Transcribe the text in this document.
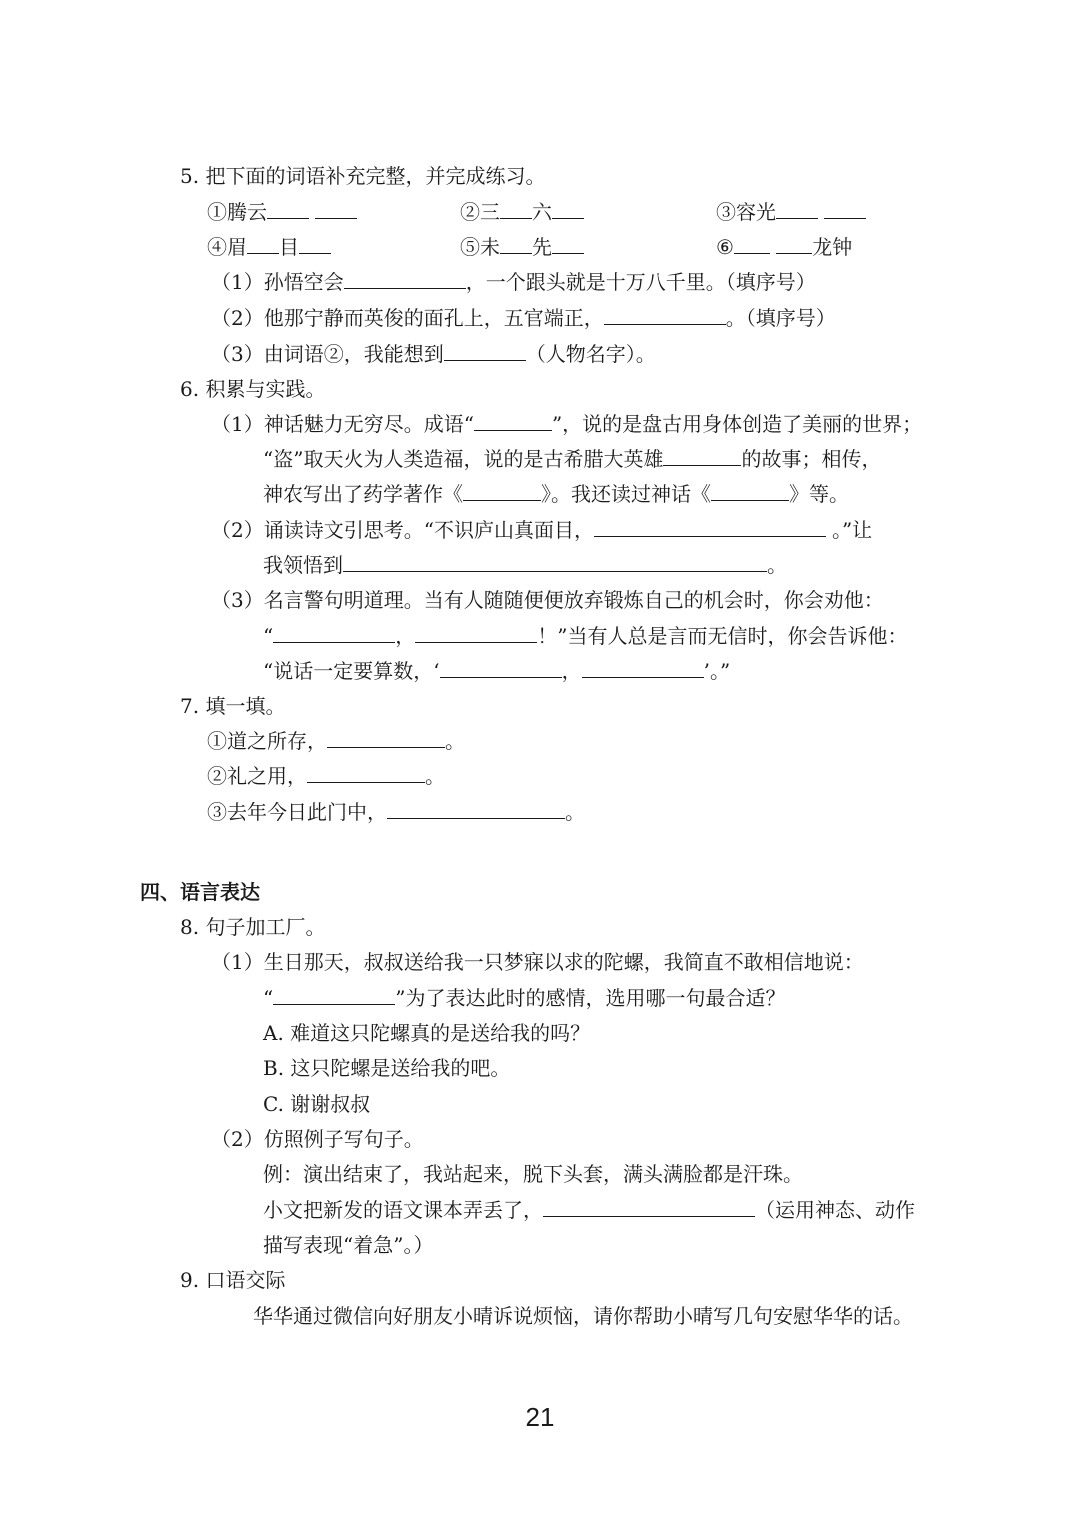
5. 把下面的词语补充完整，并完成练习。
①腾云	②三 六	③容光
④眉 目	⑤未 先	⑥	龙钟
（1）孙悟空会	，一个跟头就是十万八千里。（填序号）
（2）他那宁静而英俊的面孔上，五官端正，	。（填序号）
（3）由词语②，我能想到	（人物名字）。
6. 积累与实践。
（1）神话魅力无穷尽。成语“	”，说的是盘古用身体创造了美丽的世界；
“盗”取天火为人类造福，说的是古希腊大英雄	的故事；相传，
神农写出了药学著作《	》。我还读过神话《	》等。
（2）诵读诗文引思考。“不识庐山真面目，	。”让
我领悟到	。
（3）名言警句明道理。当有人随随便便放弃锻炼自己的机会时，你会劝他：
“	，	！”当有人总是言而无信时，你会告诉他：
“说话一定要算数，‘	，	’。”
7. 填一填。
①道之所存，	。
②礼之用，	。
③去年今日此门中，	。
四、语言表达
8. 句子加工厂。
（1）生日那天，叔叔送给我一只梦寐以求的陀螺，我简直不敢相信地说：
“	”为了表达此时的感情，选用哪一句最合适？
A. 难道这只陀螺真的是送给我的吗？
B. 这只陀螺是送给我的吧。
C. 谢谢叔叔
（2）仿照例子写句子。
例：演出结束了，我站起来，脱下头套，满头满脸都是汗珠。
小文把新发的语文课本弄丢了，	（运用神态、动作
描写表现“着急”。）
9. 口语交际
华华通过微信向好朋友小晴诉说烦恼，请你帮助小晴写几句安慰华华的话。
21
